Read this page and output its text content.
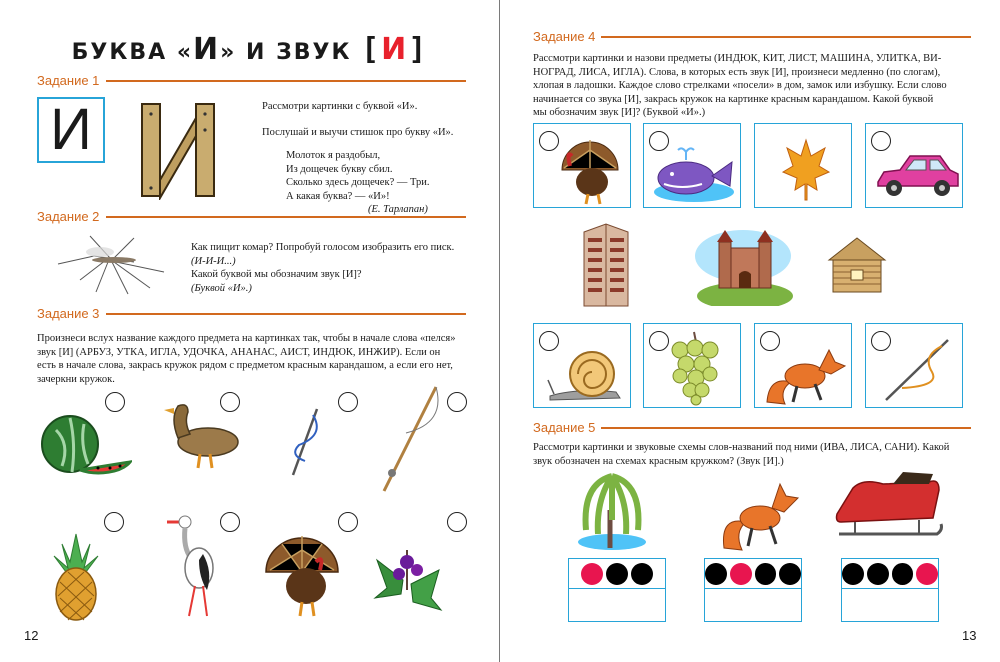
БУКВА «И» И ЗВУК [И]
Задание 1
И	Рассмотри картинки с буквой «И».
Послушай и выучи стишок про букву «И».
Молоток я раздобыл,
Из дощечек букву сбил.
Сколько здесь дощечек? — Три.
А какая буква? — «И»!
(Е. Тарлапан)
Задание 2
Как пищит комар? Попробуй голосом изобразить его писк.
(И-И-И...)
Какой буквой мы обозначим звук [И]?
(Буквой «И».)
Задание 3
Произнеси вслух название каждого предмета на картинках так, чтобы в начале слова «пелся»
звук [И] (АРБУЗ, УТКА, ИГЛА, УДОЧКА, АНАНАС, АИСТ, ИНДЮК, ИНЖИР). Если он
есть в начале слова, закрась кружок рядом с предметом красным карандашом, а если его нет,
зачеркни кружок.
12
Задание 4
Рассмотри картинки и назови предметы (ИНДЮК, КИТ, ЛИСТ, МАШИНА, УЛИТКА, ВИ-
НОГРАД, ЛИСА, ИГЛА). Слова, в которых есть звук [И], произнеси медленно (по слогам),
хлопая в ладошки. Каждое слово стрелками «посели» в дом, замок или избушку. Если слово
начинается со звука [И], закрась кружок на картинке красным карандашом. Какой буквой
мы обозначим звук [И]? (Буквой «И».)
Задание 5
Рассмотри картинки и звуковые схемы слов-названий под ними (ИВА, ЛИСА, САНИ). Какой
звук обозначен на схемах красным кружком? (Звук [И].)
13
